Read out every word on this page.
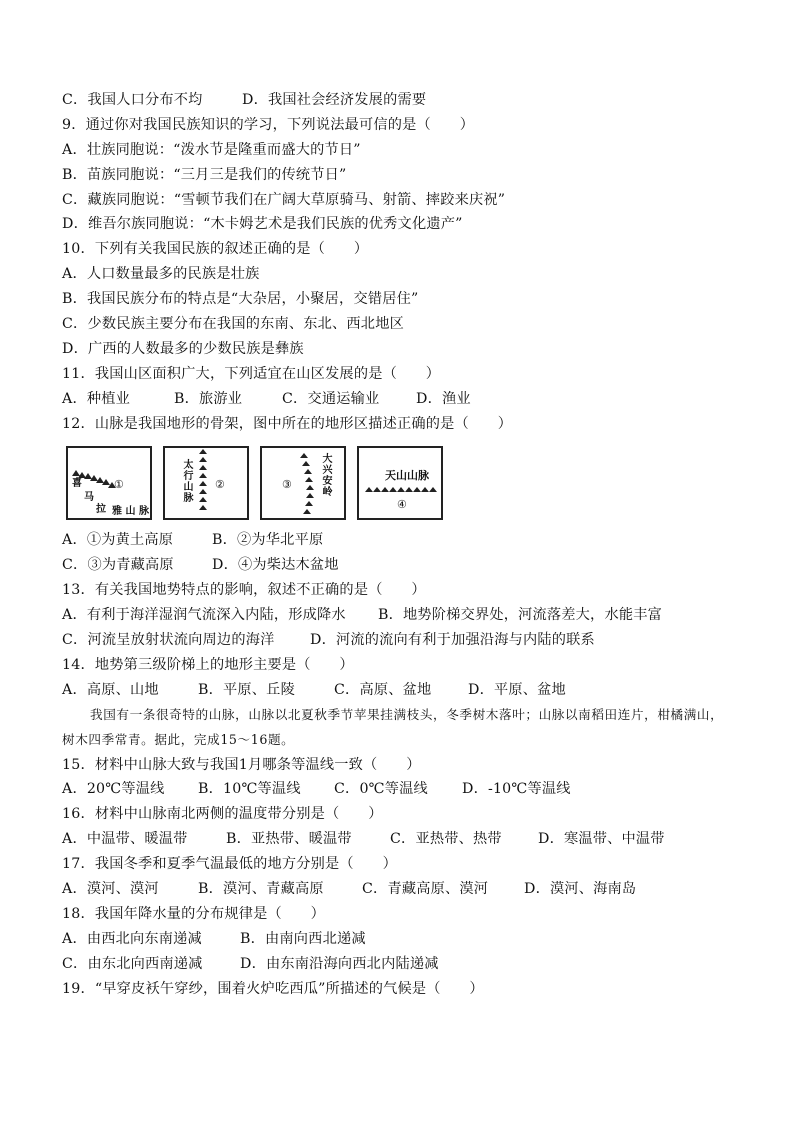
C．我国人口分布不均	D．我国社会经济发展的需要
9．通过你对我国民族知识的学习，下列说法最可信的是（　　）
A．壮族同胞说：“泼水节是隆重而盛大的节日”
B．苗族同胞说：“三月三是我们的传统节日”
C．藏族同胞说：“雪顿节我们在广阔大草原骑马、射箭、摔跤来庆祝”
D．维吾尔族同胞说：“木卡姆艺术是我们民族的优秀文化遗产”
10．下列有关我国民族的叙述正确的是（　　）
A．人口数量最多的民族是壮族
B．我国民族分布的特点是“大杂居，小聚居，交错居住”
C．少数民族主要分布在我国的东南、东北、西北地区
D．广西的人数最多的少数民族是彝族
11．我国山区面积广大，下列适宜在山区发展的是（　　）
A．种植业	B．旅游业	C．交通运输业	D．渔业
12．山脉是我国地形的骨架，图中所在的地形区描述正确的是（　　）
喜
马
拉 雅 山 脉
①
太行山脉
②
大兴安岭
③
天山山脉
④
A．①为黄土高原	B．②为华北平原
C．③为青藏高原	D．④为柴达木盆地
13．有关我国地势特点的影响，叙述不正确的是（　　）
A．有利于海洋湿润气流深入内陆，形成降水	B．地势阶梯交界处，河流落差大，水能丰富
C．河流呈放射状流向周边的海洋	D．河流的流向有利于加强沿海与内陆的联系
14．地势第三级阶梯上的地形主要是（　　）
A．高原、山地	B．平原、丘陵	C．高原、盆地	D．平原、盆地
我国有一条很奇特的山脉，山脉以北夏秋季节苹果挂满枝头，冬季树木落叶；山脉以南稻田连片，柑橘满山，树木四季常青。据此，完成15～16题。
15．材料中山脉大致与我国1月哪条等温线一致（　　）
A．20℃等温线	B．10℃等温线	C．0℃等温线	D．-10℃等温线
16．材料中山脉南北两侧的温度带分别是（　　）
A．中温带、暖温带	B．亚热带、暖温带	C．亚热带、热带	D．寒温带、中温带
17．我国冬季和夏季气温最低的地方分别是（　　）
A．漠河、漠河	B．漠河、青藏高原	C．青藏高原、漠河	D．漠河、海南岛
18．我国年降水量的分布规律是（　　）
A．由西北向东南递减	B．由南向西北递减
C．由东北向西南递减	D．由东南沿海向西北内陆递减
19．“早穿皮袄午穿纱，围着火炉吃西瓜”所描述的气候是（　　）
